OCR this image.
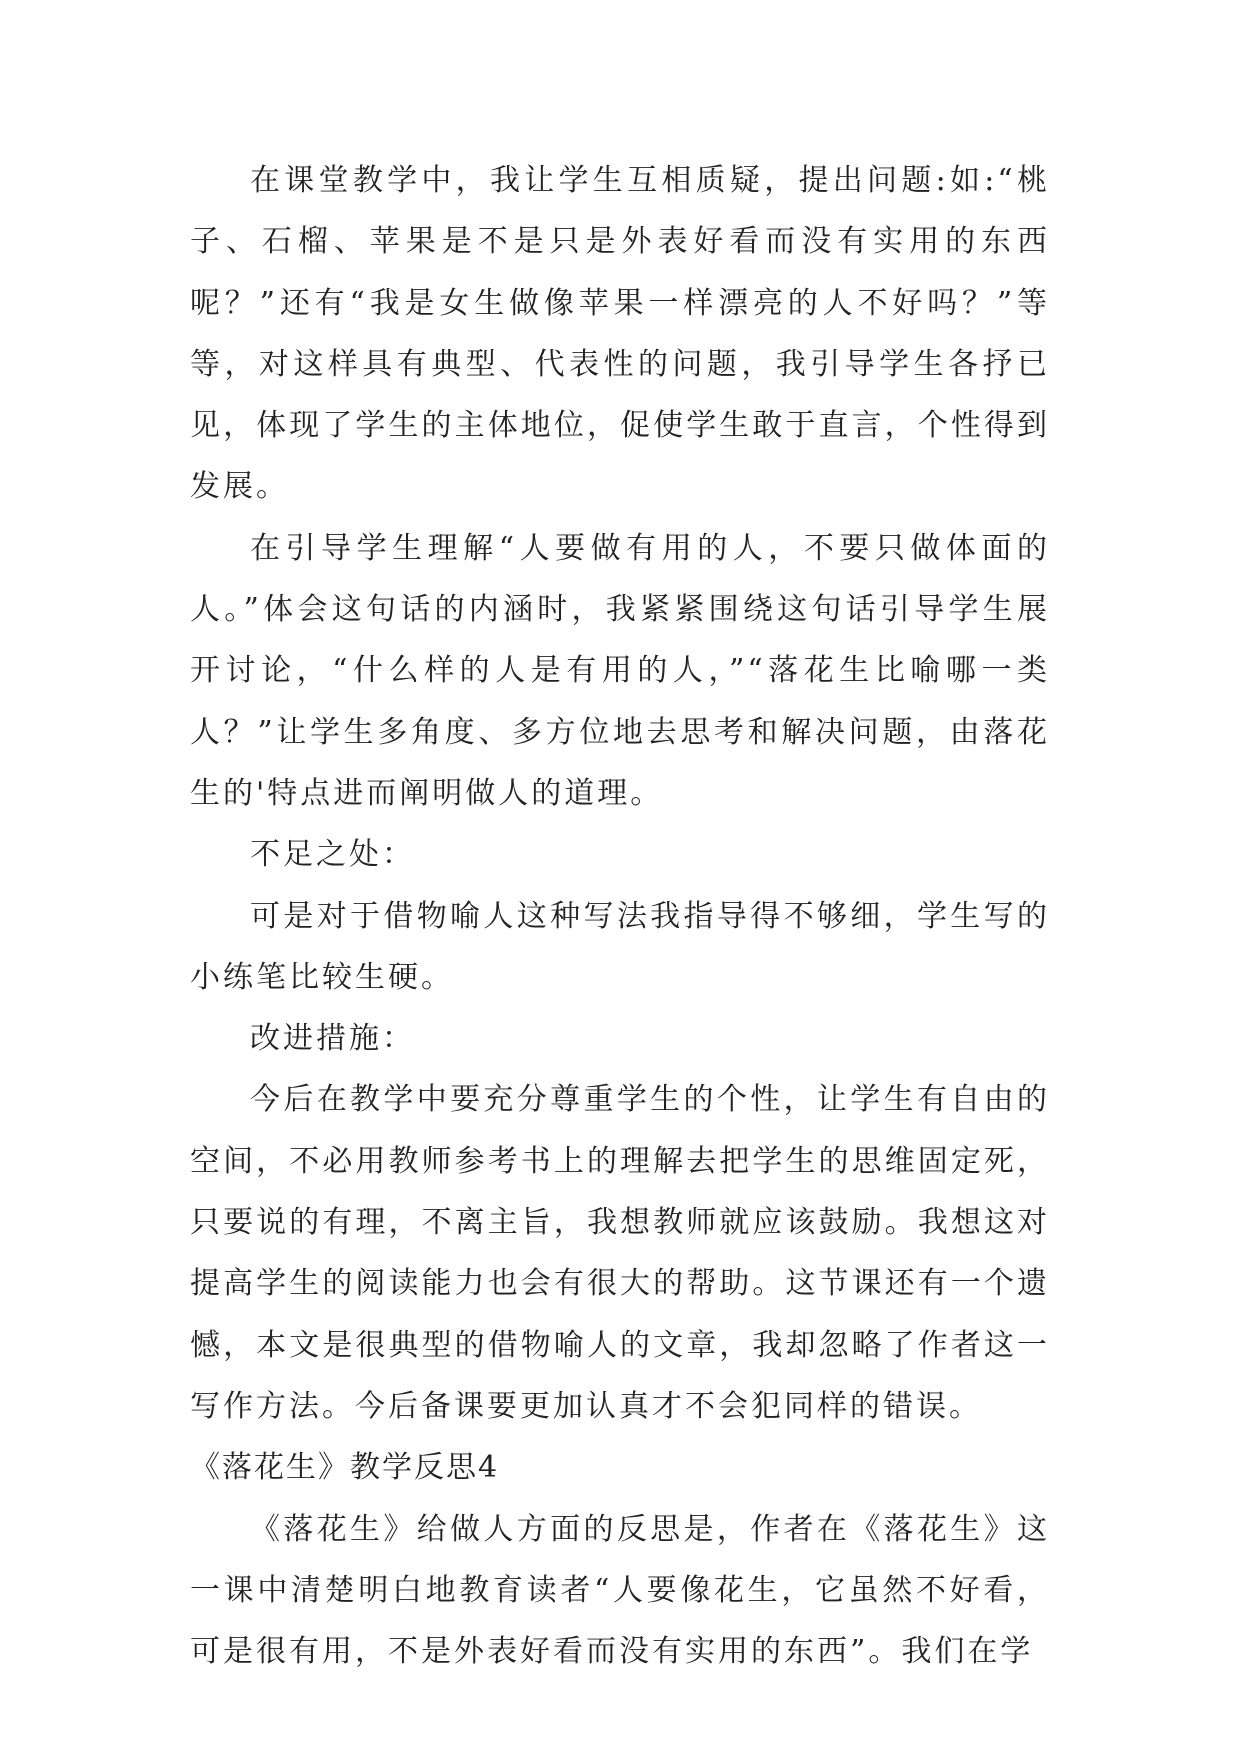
在课堂教学中，我让学生互相质疑，提出问题:如:“桃子、石榴、苹果是不是只是外表好看而没有实用的东西呢？”还有“我是女生做像苹果一样漂亮的人不好吗？”等等，对这样具有典型、代表性的问题，我引导学生各抒已见，体现了学生的主体地位，促使学生敢于直言，个性得到发展。

在引导学生理解“人要做有用的人，不要只做体面的人。”体会这句话的内涵时，我紧紧围绕这句话引导学生展开讨论，“什么样的人是有用的人，”“落花生比喻哪一类人？”让学生多角度、多方位地去思考和解决问题，由落花生的'特点进而阐明做人的道理。

不足之处：

可是对于借物喻人这种写法我指导得不够细，学生写的小练笔比较生硬。

改进措施：

今后在教学中要充分尊重学生的个性，让学生有自由的空间，不必用教师参考书上的理解去把学生的思维固定死，只要说的有理，不离主旨，我想教师就应该鼓励。我想这对提高学生的阅读能力也会有很大的帮助。这节课还有一个遗憾，本文是很典型的借物喻人的文章，我却忽略了作者这一写作方法。今后备课要更加认真才不会犯同样的错误。

《落花生》教学反思4

《落花生》给做人方面的反思是，作者在《落花生》这一课中清楚明白地教育读者“人要像花生，它虽然不好看，可是很有用，不是外表好看而没有实用的东西”。我们在学
